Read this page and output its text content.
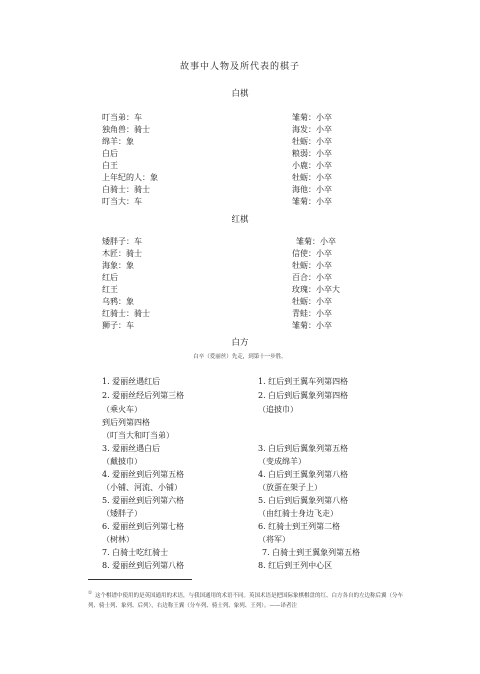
故事中人物及所代表的棋子
白棋
叮当弟：车
独角兽：骑士
绵羊：象
白后
白王
上年纪的人：象
白骑士：骑士
叮当大：车
雏菊：小卒
海发：小卒
牡蛎：小卒
粮弱：小卒
小鹿：小卒
牡蛎：小卒
海他：小卒
雏菊：小卒
红棋
矮胖子：车
木匠：骑士
海象：象
红后
红王
乌鸦：象
红骑士：骑士
狮子：车
雏菊：小卒
信使：小卒
牡蛎：小卒
百合：小卒
玫瑰：小卒大
牡蛎：小卒
青蛙：小卒
雏菊：小卒
白方
白卒（爱丽丝）先走，到第十一步胜。
1. 爱丽丝遇红后
2. 爱丽丝经后列第三格
（乘火车）
到后列第四格
（叮当大和叮当弟）
3. 爱丽丝遇白后
（戴披巾）
4. 爱丽丝到后列第五格
（小铺、河流、小铺）
5. 爱丽丝到后列第六格
（矮胖子）
6. 爱丽丝到后列第七格
（树林）
7. 白骑士吃红骑士
8. 爱丽丝到后列第八格
1. 红后到王翼车列第四格
2. 白后到后翼象列第四格
（追披巾）
3. 白后到后翼象列第五格
（变成绵羊）
4. 白后到王翼象列第八格
（放蛋在架子上）
5. 白后到后翼象列第八格
（由红骑士身边飞走）
6. 红骑士到王列第二格
（将军）
7. 白骑士到王翼象列第五格
8. 红后到王列中心区
① 这个棋谱中使用的是英国通用的术语，与我国通用的术语不同。英国术语是把国际象棋棋盘的红、白方各自的左边称后翼（分车列、骑士列、象列、后列），右边称王翼（分车列、骑士列、象列、王列）。——译者注
